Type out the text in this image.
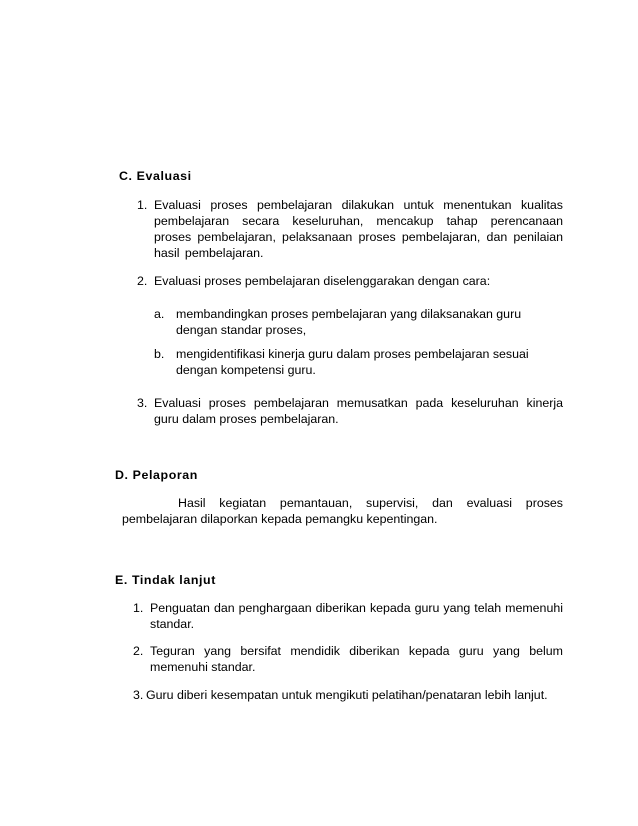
C. Evaluasi
1. Evaluasi proses pembelajaran dilakukan untuk menentukan kualitas pembelajaran secara keseluruhan, mencakup tahap perencanaan proses pembelajaran, pelaksanaan proses pembelajaran, dan penilaian hasil pembelajaran.
2. Evaluasi proses pembelajaran diselenggarakan dengan cara:
a. membandingkan proses pembelajaran yang dilaksanakan guru dengan standar proses,
b. mengidentifikasi kinerja guru dalam proses pembelajaran sesuai dengan kompetensi guru.
3. Evaluasi proses pembelajaran memusatkan pada keseluruhan kinerja guru dalam proses pembelajaran.
D. Pelaporan

Hasil kegiatan pemantauan, supervisi, dan evaluasi proses pembelajaran dilaporkan kepada pemangku kepentingan.

E. Tindak lanjut
1. Penguatan dan penghargaan diberikan kepada guru yang telah memenuhi standar.
2. Teguran yang bersifat mendidik diberikan kepada guru yang belum memenuhi standar.
3. Guru diberi kesempatan untuk mengikuti pelatihan/penataran lebih lanjut.
